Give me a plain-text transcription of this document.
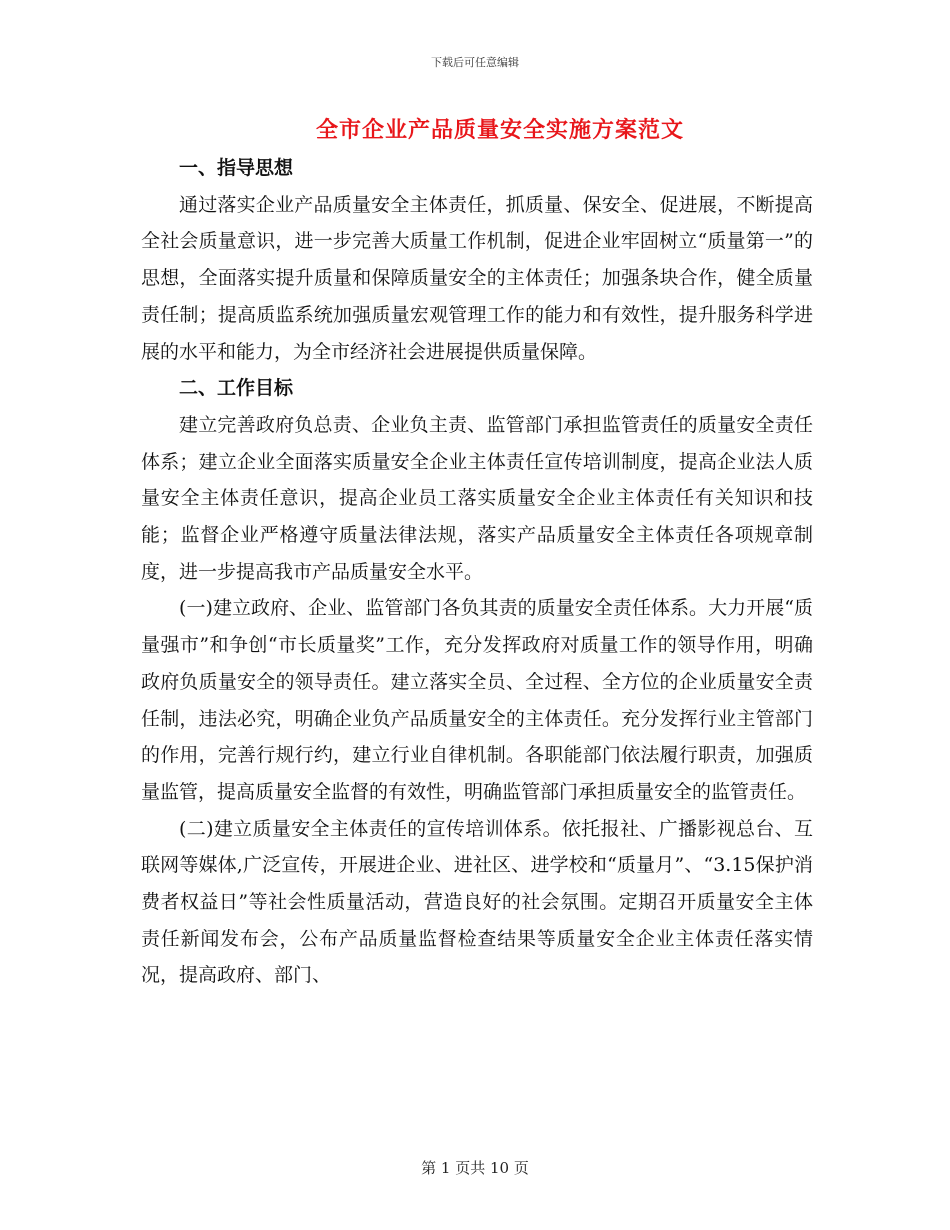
下载后可任意编辑
全市企业产品质量安全实施方案范文
一、指导思想

通过落实企业产品质量安全主体责任，抓质量、保安全、促进展，不断提高全社会质量意识，进一步完善大质量工作机制，促进企业牢固树立“质量第一”的思想，全面落实提升质量和保障质量安全的主体责任；加强条块合作，健全质量责任制；提高质监系统加强质量宏观管理工作的能力和有效性，提升服务科学进展的水平和能力，为全市经济社会进展提供质量保障。

二、工作目标

建立完善政府负总责、企业负主责、监管部门承担监管责任的质量安全责任体系；建立企业全面落实质量安全企业主体责任宣传培训制度，提高企业法人质量安全主体责任意识，提高企业员工落实质量安全企业主体责任有关知识和技能；监督企业严格遵守质量法律法规，落实产品质量安全主体责任各项规章制度，进一步提高我市产品质量安全水平。

(一)建立政府、企业、监管部门各负其责的质量安全责任体系。大力开展“质量强市”和争创“市长质量奖”工作，充分发挥政府对质量工作的领导作用，明确政府负质量安全的领导责任。建立落实全员、全过程、全方位的企业质量安全责任制，违法必究，明确企业负产品质量安全的主体责任。充分发挥行业主管部门的作用，完善行规行约，建立行业自律机制。各职能部门依法履行职责，加强质量监管，提高质量安全监督的有效性，明确监管部门承担质量安全的监管责任。

(二)建立质量安全主体责任的宣传培训体系。依托报社、广播影视总台、互联网等媒体,广泛宣传，开展进企业、进社区、进学校和“质量月”、“3.15保护消费者权益日”等社会性质量活动，营造良好的社会氛围。定期召开质量安全主体责任新闻发布会，公布产品质量监督检查结果等质量安全企业主体责任落实情况，提高政府、部门、

第 1 页共 10 页
